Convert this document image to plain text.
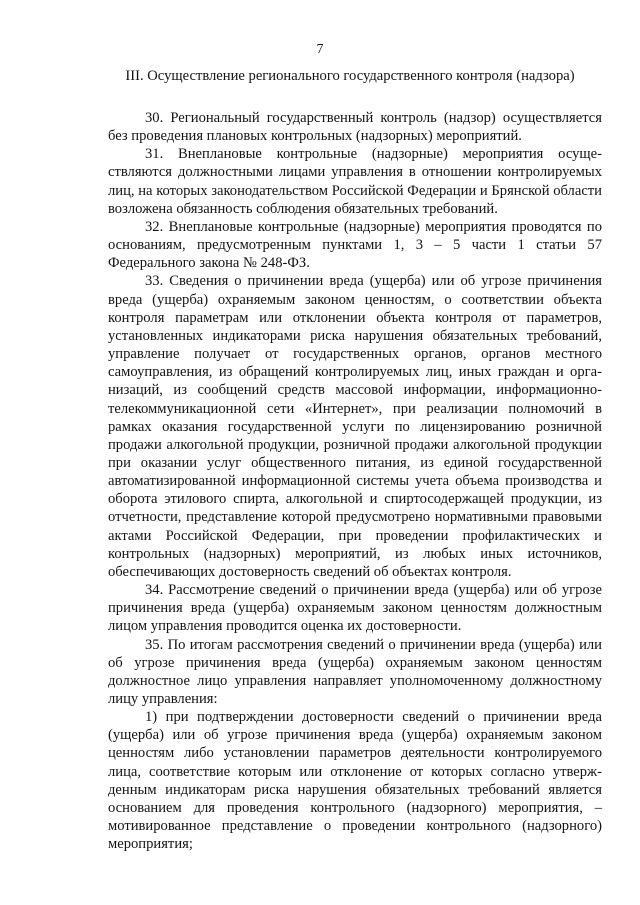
7
III. Осуществление регионального государственного контроля (надзора)

30. Региональный государственный контроль (надзор) осуществляется без проведения плановых контрольных (надзорных) мероприятий.

31. Внеплановые контрольные (надзорные) мероприятия осуществляются должностными лицами управления в отношении контролируемых лиц, на которых законодательством Российской Федерации и Брянской области возложена обязанность соблюдения обязательных требований.

32. Внеплановые контрольные (надзорные) мероприятия проводятся по основаниям, предусмотренным пунктами 1, 3 – 5 части 1 статьи 57 Федерального закона № 248-ФЗ.

33. Сведения о причинении вреда (ущерба) или об угрозе причинения вреда (ущерба) охраняемым законом ценностям, о соответствии объекта контроля параметрам или отклонении объекта контроля от параметров, установленных индикаторами риска нарушения обязательных требований, управление получает от государственных органов, органов местного самоуправления, из обращений контролируемых лиц, иных граждан и организаций, из сообщений средств массовой информации, информационно-телекоммуникационной сети «Интернет», при реализации полномочий в рамках оказания государственной услуги по лицензированию розничной продажи алкогольной продукции, розничной продажи алкогольной продукции при оказании услуг общественного питания, из единой государственной автоматизированной информационной системы учета объема производства и оборота этилового спирта, алкогольной и спиртосодержащей продукции, из отчетности, представление которой предусмотрено нормативными правовыми актами Российской Федерации, при проведении профилактических и контрольных (надзорных) мероприятий, из любых иных источников, обеспечивающих достоверность сведений об объектах контроля.

34. Рассмотрение сведений о причинении вреда (ущерба) или об угрозе причинения вреда (ущерба) охраняемым законом ценностям должностным лицом управления проводится оценка их достоверности.

35. По итогам рассмотрения сведений о причинении вреда (ущерба) или об угрозе причинения вреда (ущерба) охраняемым законом ценностям должностное лицо управления направляет уполномоченному должностному лицу управления:

1) при подтверждении достоверности сведений о причинении вреда (ущерба) или об угрозе причинения вреда (ущерба) охраняемым законом ценностям либо установлении параметров деятельности контролируемого лица, соответствие которым или отклонение от которых согласно утвержденным индикаторам риска нарушения обязательных требований является основанием для проведения контрольного (надзорного) мероприятия, – мотивированное представление о проведении контрольного (надзорного) мероприятия;
